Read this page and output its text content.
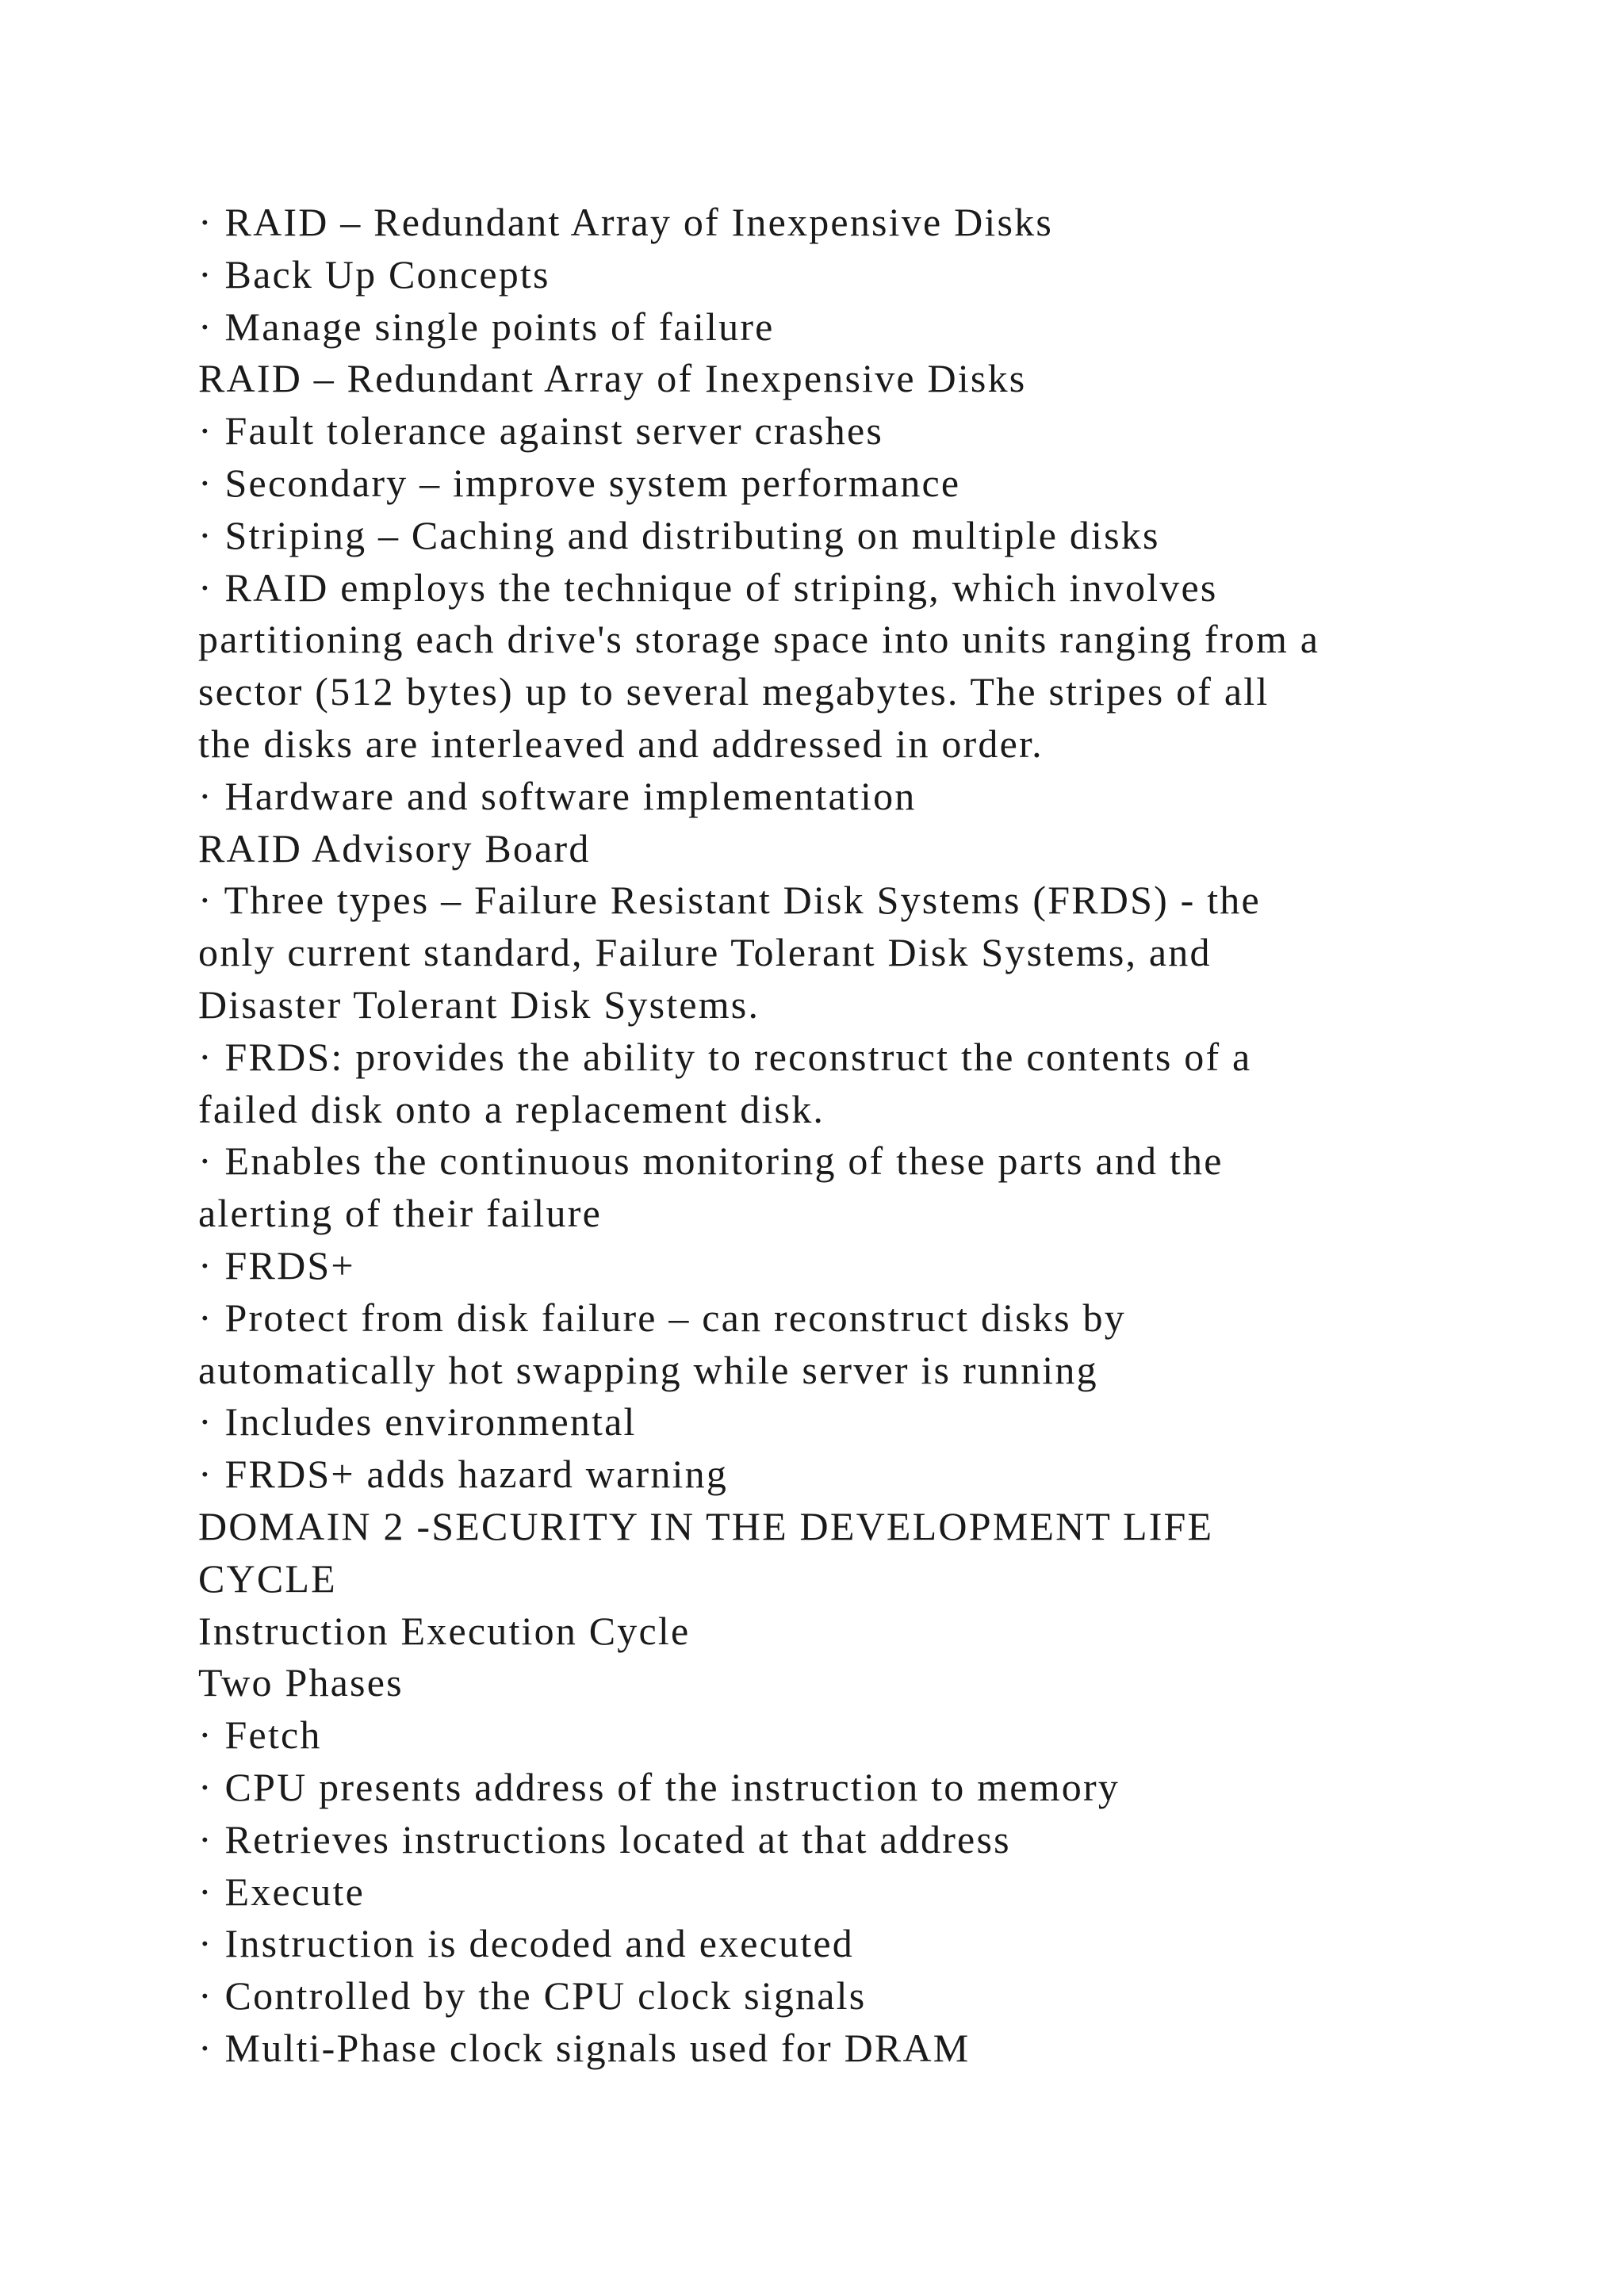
· RAID – Redundant Array of Inexpensive Disks
· Back Up Concepts
· Manage single points of failure
RAID – Redundant Array of Inexpensive Disks
· Fault tolerance against server crashes
· Secondary – improve system performance
· Striping – Caching and distributing on multiple disks
· RAID employs the technique of striping, which involves
partitioning each drive's storage space into units ranging from a
sector (512 bytes) up to several megabytes. The stripes of all
the disks are interleaved and addressed in order.
· Hardware and software implementation
RAID Advisory Board
· Three types – Failure Resistant Disk Systems (FRDS) - the
only current standard, Failure Tolerant Disk Systems, and
Disaster Tolerant Disk Systems.
· FRDS: provides the ability to reconstruct the contents of a
failed disk onto a replacement disk.
· Enables the continuous monitoring of these parts and the
alerting of their failure
· FRDS+
· Protect from disk failure – can reconstruct disks by
automatically hot swapping while server is running
· Includes environmental
· FRDS+ adds hazard warning
DOMAIN 2 -SECURITY IN THE DEVELOPMENT LIFE
CYCLE
Instruction Execution Cycle
Two Phases
· Fetch
· CPU presents address of the instruction to memory
· Retrieves instructions located at that address
· Execute
· Instruction is decoded and executed
· Controlled by the CPU clock signals
· Multi-Phase clock signals used for DRAM
